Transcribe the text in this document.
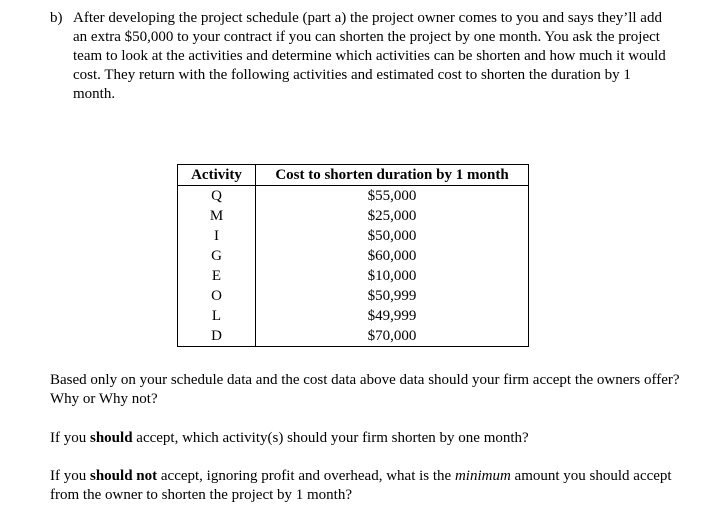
b) After developing the project schedule (part a) the project owner comes to you and says they’ll add an extra $50,000 to your contract if you can shorten the project by one month. You ask the project team to look at the activities and determine which activities can be shorten and how much it would cost. They return with the following activities and estimated cost to shorten the duration by 1 month.
Activity	Cost to shorten duration by 1 month
Q	$55,000
M	$25,000
I	$50,000
G	$60,000
E	$10,000
O	$50,999
L	$49,999
D	$70,000

Based only on your schedule data and the cost data above data should your firm accept the owners offer? Why or Why not?

If you should accept, which activity(s) should your firm shorten by one month?

If you should not accept, ignoring profit and overhead, what is the minimum amount you should accept from the owner to shorten the project by 1 month?
